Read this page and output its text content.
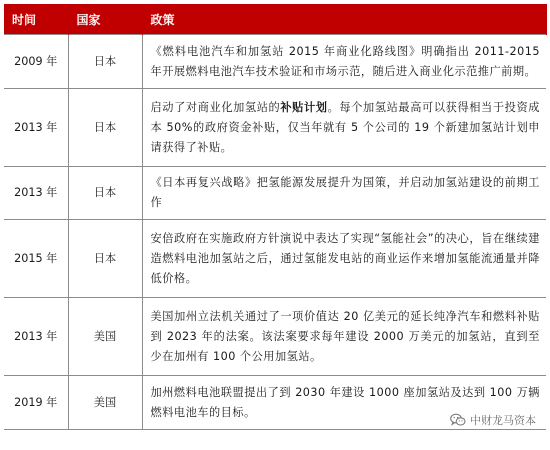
时间	国家	政策
2009 年	日本	《燃料电池汽车和加氢站 2015 年商业化路线图》明确指出 2011-2015 年开展燃料电池汽车技术验证和市场示范，随后进入商业化示范推广前期。
2013 年	日本	启动了对商业化加氢站的补贴计划。每个加氢站最高可以获得相当于投资成本 50%的政府资金补贴，仅当年就有 5 个公司的 19 个新建加氢站计划申请获得了补贴。
2013 年	日本	《日本再复兴战略》把氢能源发展提升为国策，并启动加氢站建设的前期工作
2015 年	日本	安倍政府在实施政府方针演说中表达了实现“氢能社会”的决心，旨在继续建造燃料电池加氢站之后，通过氢能发电站的商业运作来增加氢能流通量并降低价格。
2013 年	美国	美国加州立法机关通过了一项价值达 20 亿美元的延长纯净汽车和燃料补贴到 2023 年的法案。该法案要求每年建设 2000 万美元的加氢站，直到至少在加州有 100 个公用加氢站。
2019 年	美国	加州燃料电池联盟提出了到 2030 年建设 1000 座加氢站及达到 100 万辆燃料电池车的目标。
中财龙马资本
